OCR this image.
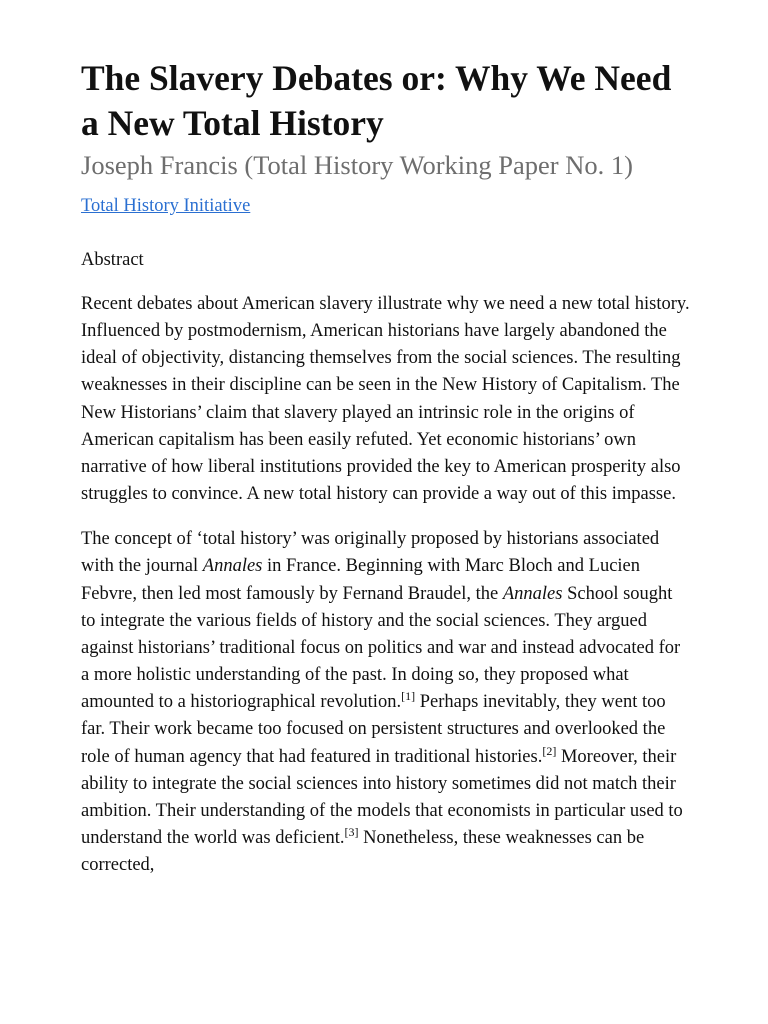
The Slavery Debates or: Why We Need a New Total History
Joseph Francis (Total History Working Paper No. 1)
Total History Initiative
Abstract

Recent debates about American slavery illustrate why we need a new total history. Influenced by postmodernism, American historians have largely abandoned the ideal of objectivity, distancing themselves from the social sciences. The resulting weaknesses in their discipline can be seen in the New History of Capitalism. The New Historians’ claim that slavery played an intrinsic role in the origins of American capitalism has been easily refuted. Yet economic historians’ own narrative of how liberal institutions provided the key to American prosperity also struggles to convince. A new total history can provide a way out of this impasse.

The concept of ‘total history’ was originally proposed by historians associated with the journal Annales in France. Beginning with Marc Bloch and Lucien Febvre, then led most famously by Fernand Braudel, the Annales School sought to integrate the various fields of history and the social sciences. They argued against historians’ traditional focus on politics and war and instead advocated for a more holistic understanding of the past. In doing so, they proposed what amounted to a historiographical revolution.[1] Perhaps inevitably, they went too far. Their work became too focused on persistent structures and overlooked the role of human agency that had featured in traditional histories.[2] Moreover, their ability to integrate the social sciences into history sometimes did not match their ambition. Their understanding of the models that economists in particular used to understand the world was deficient.[3] Nonetheless, these weaknesses can be corrected,
